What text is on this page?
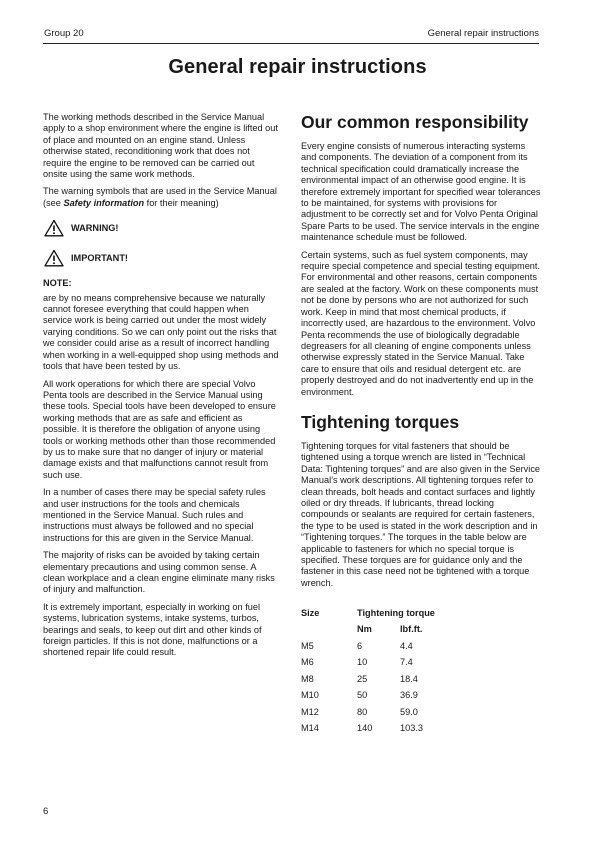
Group 20	General repair instructions
General repair instructions
The working methods described in the Service Manual apply to a shop environment where the engine is lifted out of place and mounted on an engine stand. Unless otherwise stated, reconditioning work that does not require the engine to be removed can be carried out onsite using the same work methods.
The warning symbols that are used in the Service Manual (see Safety information for their meaning)
WARNING!
IMPORTANT!
NOTE:
are by no means comprehensive because we naturally cannot foresee everything that could happen when service work is being carried out under the most widely varying conditions. So we can only point out the risks that we consider could arise as a result of incorrect handling when working in a well-equipped shop using methods and tools that have been tested by us.
All work operations for which there are special Volvo Penta tools are described in the Service Manual using these tools. Special tools have been developed to ensure working methods that are as safe and efficient as possible. It is therefore the obligation of anyone using tools or working methods other than those recommended by us to make sure that no danger of injury or material damage exists and that malfunctions cannot result from such use.
In a number of cases there may be special safety rules and user instructions for the tools and chemicals mentioned in the Service Manual. Such rules and instructions must always be followed and no special instructions for this are given in the Service Manual.
The majority of risks can be avoided by taking certain elementary precautions and using common sense. A clean workplace and a clean engine eliminate many risks of injury and malfunction.
It is extremely important, especially in working on fuel systems, lubrication systems, intake systems, turbos, bearings and seals, to keep out dirt and other kinds of foreign particles. If this is not done, malfunctions or a shortened repair life could result.
Our common responsibility
Every engine consists of numerous interacting systems and components. The deviation of a component from its technical specification could dramatically increase the environmental impact of an otherwise good engine. It is therefore extremely important for specified wear tolerances to be maintained, for systems with provisions for adjustment to be correctly set and for Volvo Penta Original Spare Parts to be used. The service intervals in the engine maintenance schedule must be followed.
Certain systems, such as fuel system components, may require special competence and special testing equipment. For environmental and other reasons, certain components are sealed at the factory. Work on these components must not be done by persons who are not authorized for such work. Keep in mind that most chemical products, if incorrectly used, are hazardous to the environment. Volvo Penta recommends the use of biologically degradable degreasers for all cleaning of engine components unless otherwise expressly stated in the Service Manual. Take care to ensure that oils and residual detergent etc. are properly destroyed and do not inadvertently end up in the environment.
Tightening torques
Tightening torques for vital fasteners that should be tightened using a torque wrench are listed in “Technical Data: Tightening torques” and are also given in the Service Manual’s work descriptions. All tightening torques refer to clean threads, bolt heads and contact surfaces and lightly oiled or dry threads. If lubricants, thread locking compounds or sealants are required for certain fasteners, the type to be used is stated in the work description and in “Tightening torques.” The torques in the table below are applicable to fasteners for which no special torque is specified. These torques are for guidance only and the fastener in this case need not be tightened with a torque wrench.
Size	Tightening torque	
	Nm	lbf.ft.
M5	6	4.4
M6	10	7.4
M8	25	18.4
M10	50	36.9
M12	80	59.0
M14	140	103.3
6
